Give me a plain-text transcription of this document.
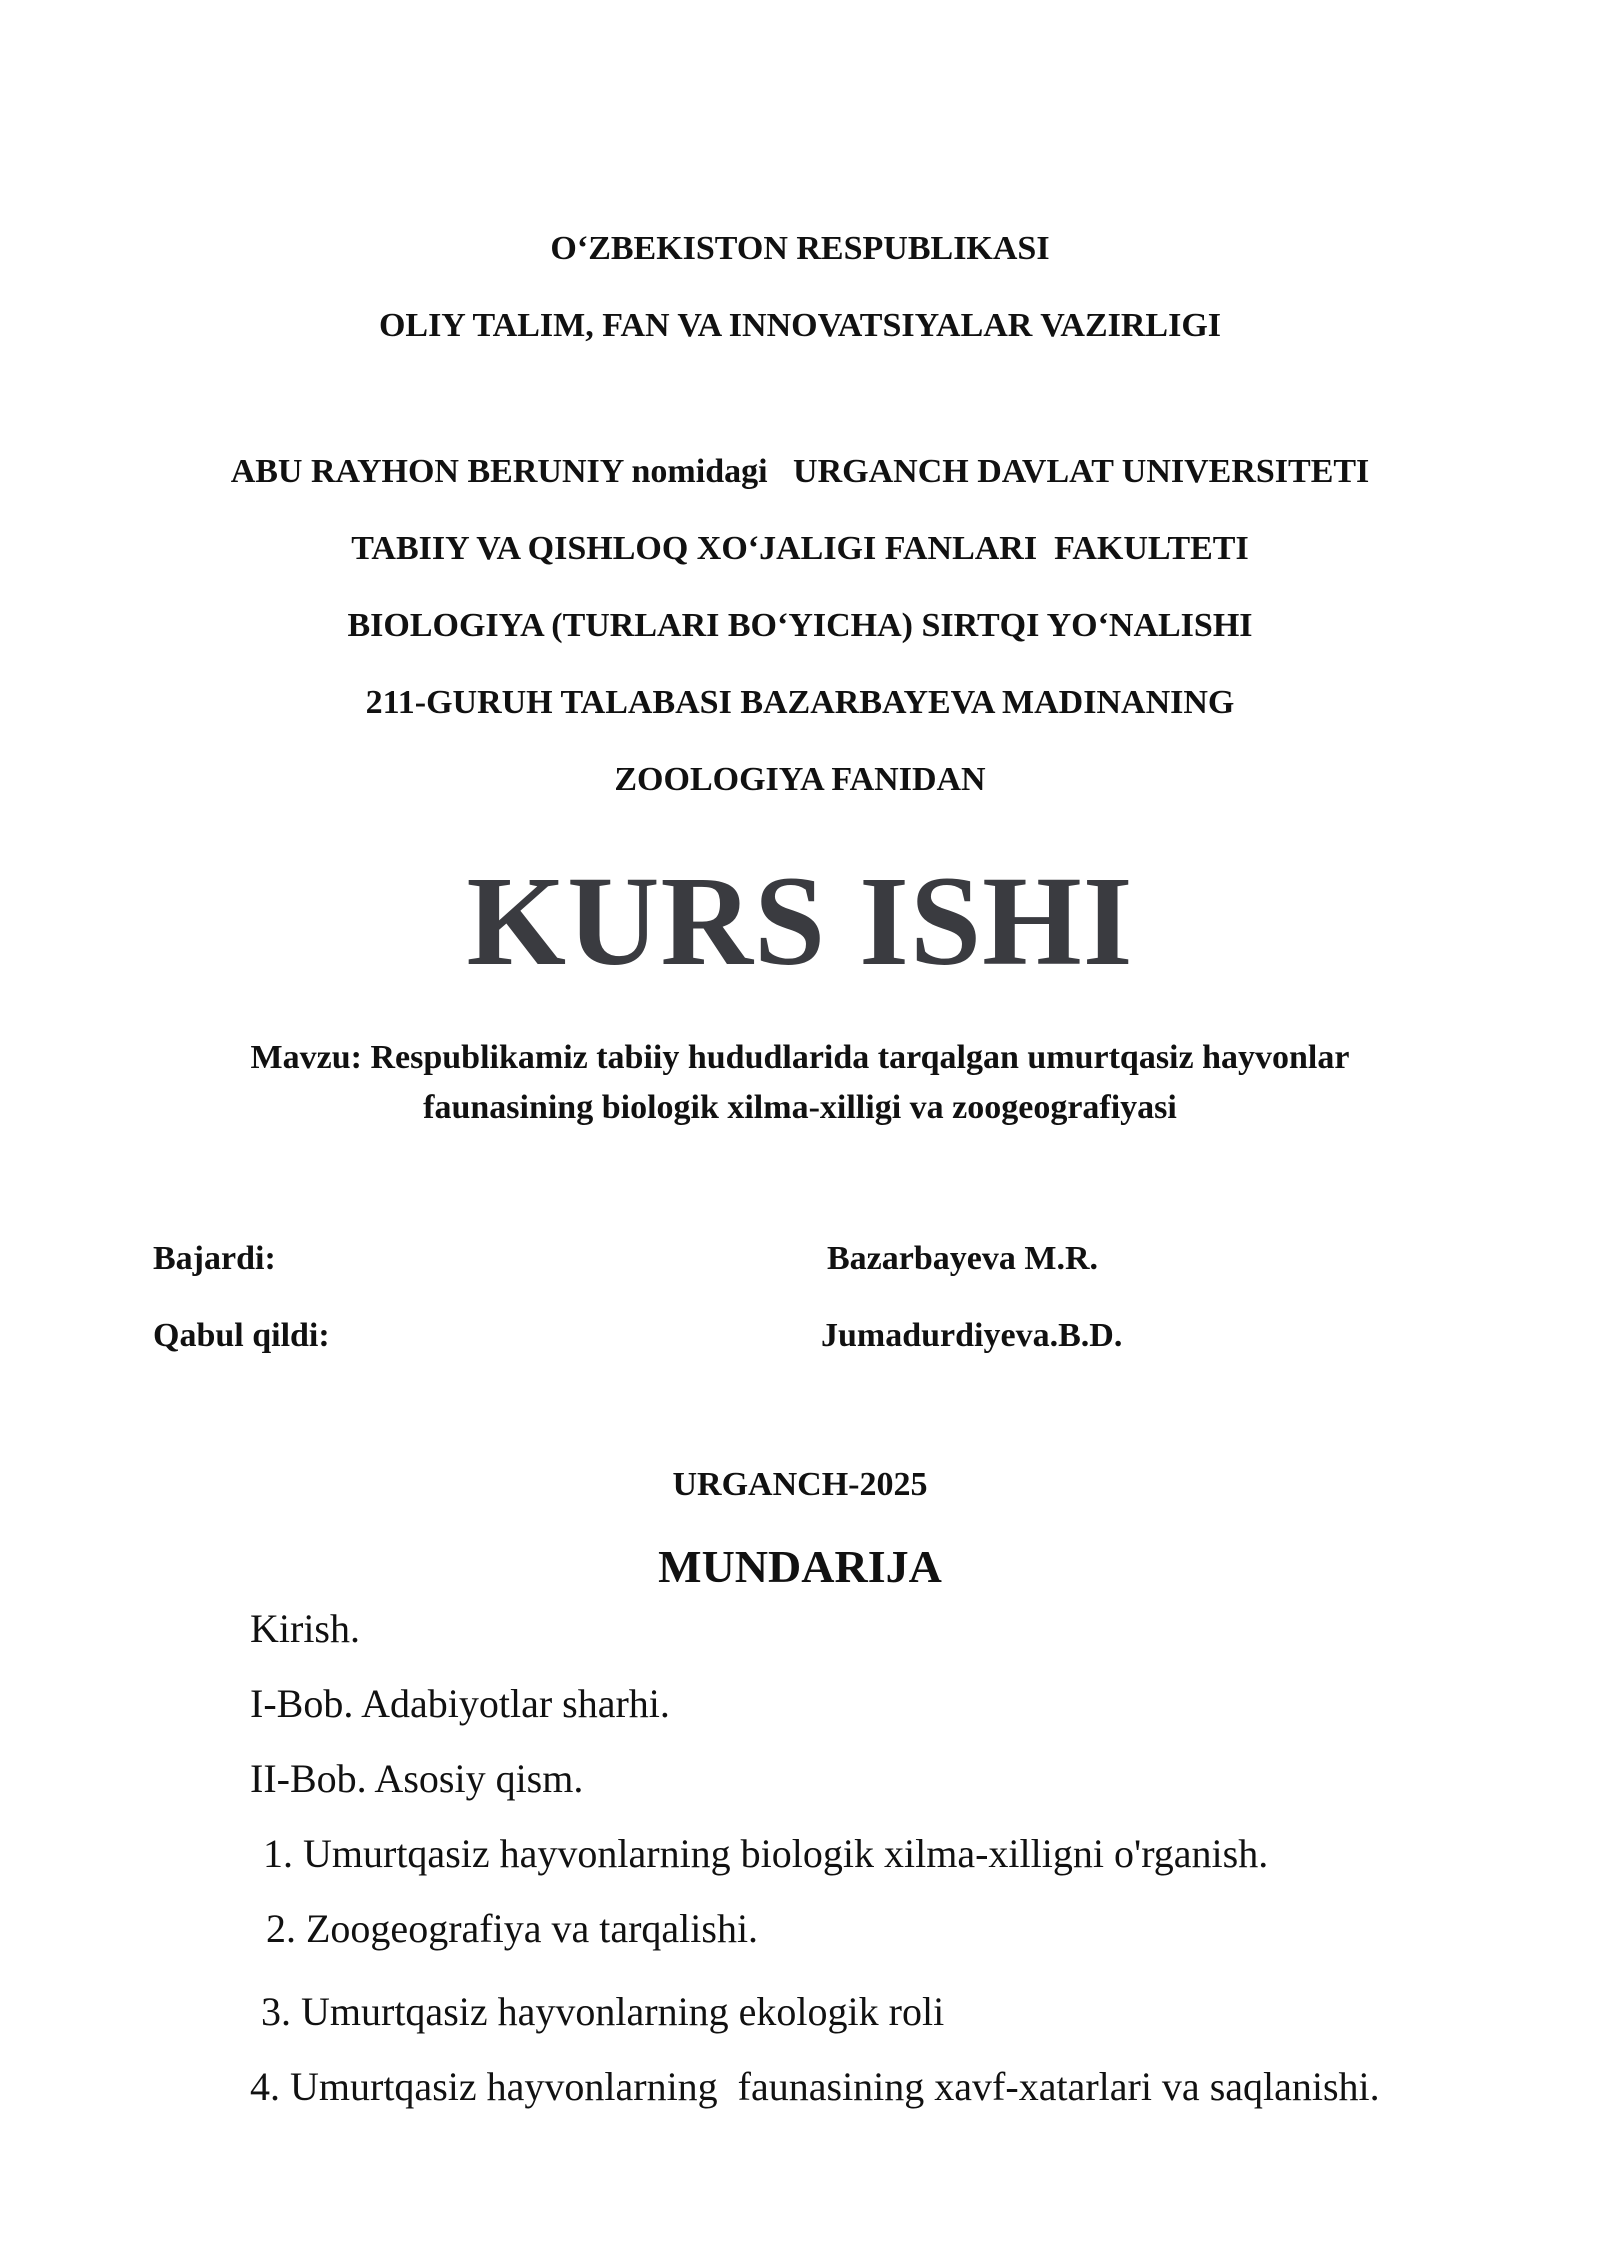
O‘ZBEKISTON RESPUBLIKASI
OLIY TALIM, FAN VA INNOVATSIYALAR VAZIRLIGI
ABU RAYHON BERUNIY nomidagi   URGANCH DAVLAT UNIVERSITETI
TABIIY VA QISHLOQ XO‘JALIGI FANLARI  FAKULTETI
BIOLOGIYA (TURLARI BO‘YICHA) SIRTQI YO‘NALISHI
211-GURUH TALABASI BAZARBAYEVA MADINANING
ZOOLOGIYA FANIDAN
KURS ISHI
Mavzu: Respublikamiz tabiiy hududlarida tarqalgan umurtqasiz hayvonlar
faunasining biologik xilma-xilligi va zoogeografiyasi
Bajardi:	Bazarbayeva M.R.
Qabul qildi:	Jumadurdiyeva.B.D.
URGANCH-2025
MUNDARIJA
Kirish.
I-Bob. Adabiyotlar sharhi.
II-Bob. Asosiy qism.
1. Umurtqasiz hayvonlarning biologik xilma-xilligni o'rganish.
2. Zoogeografiya va tarqalishi.
3. Umurtqasiz hayvonlarning ekologik roli
4. Umurtqasiz hayvonlarning  faunasining xavf-xatarlari va saqlanishi.
